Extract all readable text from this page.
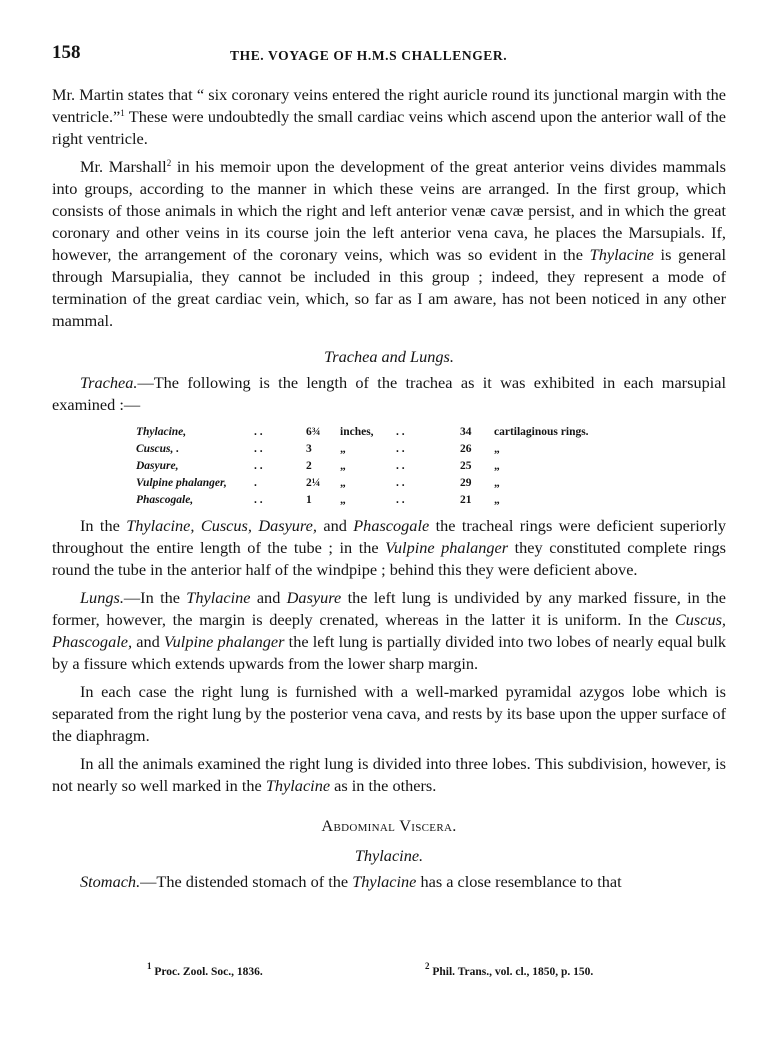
158	THE. VOYAGE OF H.M.S CHALLENGER.

Mr. Martin states that “ six coronary veins entered the right auricle round its junctional margin with the ventricle.”$^1$ These were undoubtedly the small cardiac veins which ascend upon the anterior wall of the right ventricle.

Mr. Marshall$^2$ in his memoir upon the development of the great anterior veins divides mammals into groups, according to the manner in which these veins are arranged. In the first group, which consists of those animals in which the right and left anterior venæ cavæ persist, and in which the great coronary and other veins in its course join the left anterior vena cava, he places the Marsupials. If, however, the arrangement of the coronary veins, which was so evident in the Thylacine is general through Marsupialia, they cannot be included in this group ; indeed, they represent a mode of termination of the great cardiac vein, which, so far as I am aware, has not been noticed in any other mammal.

Trachea and Lungs.

Trachea.—The following is the length of the trachea as it was exhibited in each marsupial examined :—

Thylacine,	. .	6¾	inches,	. .	34	cartilaginous rings.
Cuscus, .	. .	3	„	. .	26	„
Dasyure,	. .	2	„	. .	25	„
Vulpine phalanger,	.	2¼	„	. .	29	„
Phascogale,	. .	1	„	. .	21	„

In the Thylacine, Cuscus, Dasyure, and Phascogale the tracheal rings were deficient superiorly throughout the entire length of the tube ; in the Vulpine phalanger they constituted complete rings round the tube in the anterior half of the windpipe ; behind this they were deficient above.

Lungs.—In the Thylacine and Dasyure the left lung is undivided by any marked fissure, in the former, however, the margin is deeply crenated, whereas in the latter it is uniform. In the Cuscus, Phascogale, and Vulpine phalanger the left lung is partially divided into two lobes of nearly equal bulk by a fissure which extends upwards from the lower sharp margin.

In each case the right lung is furnished with a well-marked pyramidal azygos lobe which is separated from the right lung by the posterior vena cava, and rests by its base upon the upper surface of the diaphragm.

In all the animals examined the right lung is divided into three lobes. This subdivision, however, is not nearly so well marked in the Thylacine as in the others.

Abdominal Viscera.
Thylacine.

Stomach.—The distended stomach of the Thylacine has a close resemblance to that

$^1$ Proc. Zool. Soc., 1836.	$^2$ Phil. Trans., vol. cl., 1850, p. 150.
